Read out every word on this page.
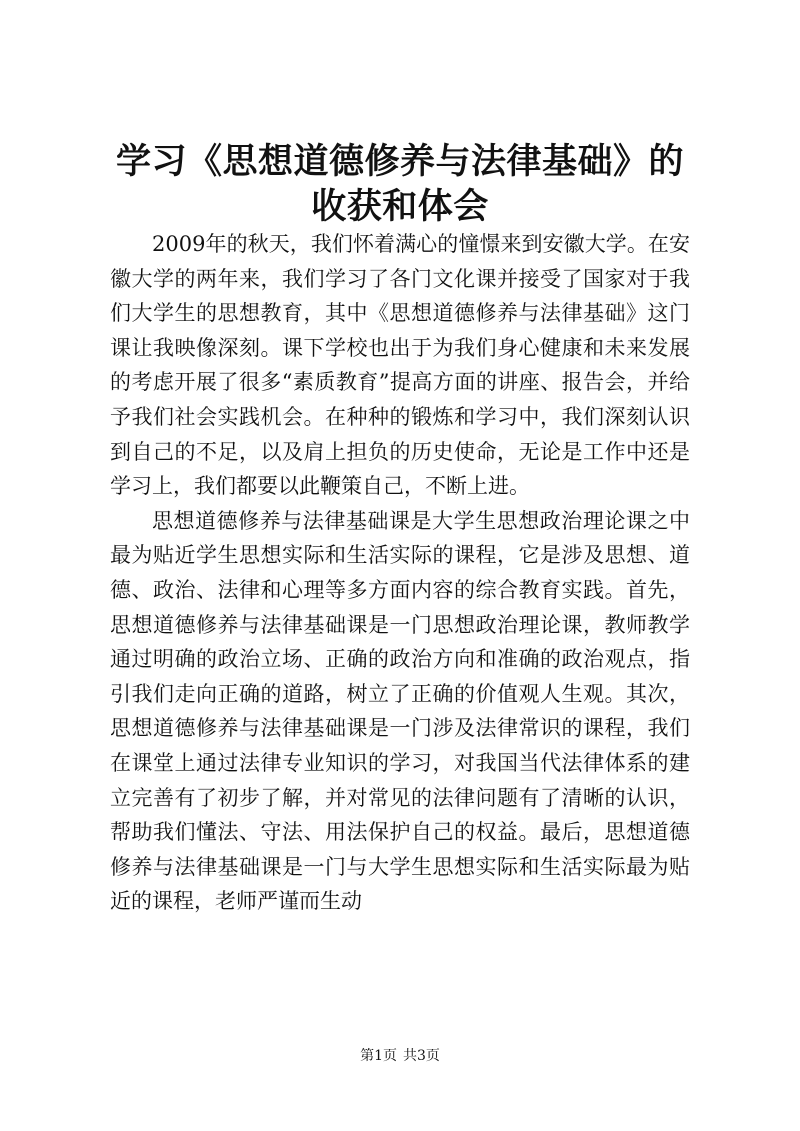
学习《思想道德修养与法律基础》的收获和体会

2009年的秋天，我们怀着满心的憧憬来到安徽大学。在安徽大学的两年来，我们学习了各门文化课并接受了国家对于我们大学生的思想教育，其中《思想道德修养与法律基础》这门课让我映像深刻。课下学校也出于为我们身心健康和未来发展的考虑开展了很多“素质教育”提高方面的讲座、报告会，并给予我们社会实践机会。在种种的锻炼和学习中，我们深刻认识到自己的不足，以及肩上担负的历史使命，无论是工作中还是学习上，我们都要以此鞭策自己，不断上进。

思想道德修养与法律基础课是大学生思想政治理论课之中最为贴近学生思想实际和生活实际的课程，它是涉及思想、道德、政治、法律和心理等多方面内容的综合教育实践。首先，思想道德修养与法律基础课是一门思想政治理论课，教师教学通过明确的政治立场、正确的政治方向和准确的政治观点，指引我们走向正确的道路，树立了正确的价值观人生观。其次，思想道德修养与法律基础课是一门涉及法律常识的课程，我们在课堂上通过法律专业知识的学习，对我国当代法律体系的建立完善有了初步了解，并对常见的法律问题有了清晰的认识，帮助我们懂法、守法、用法保护自己的权益。最后，思想道德修养与法律基础课是一门与大学生思想实际和生活实际最为贴近的课程，老师严谨而生动

第1页 共3页
